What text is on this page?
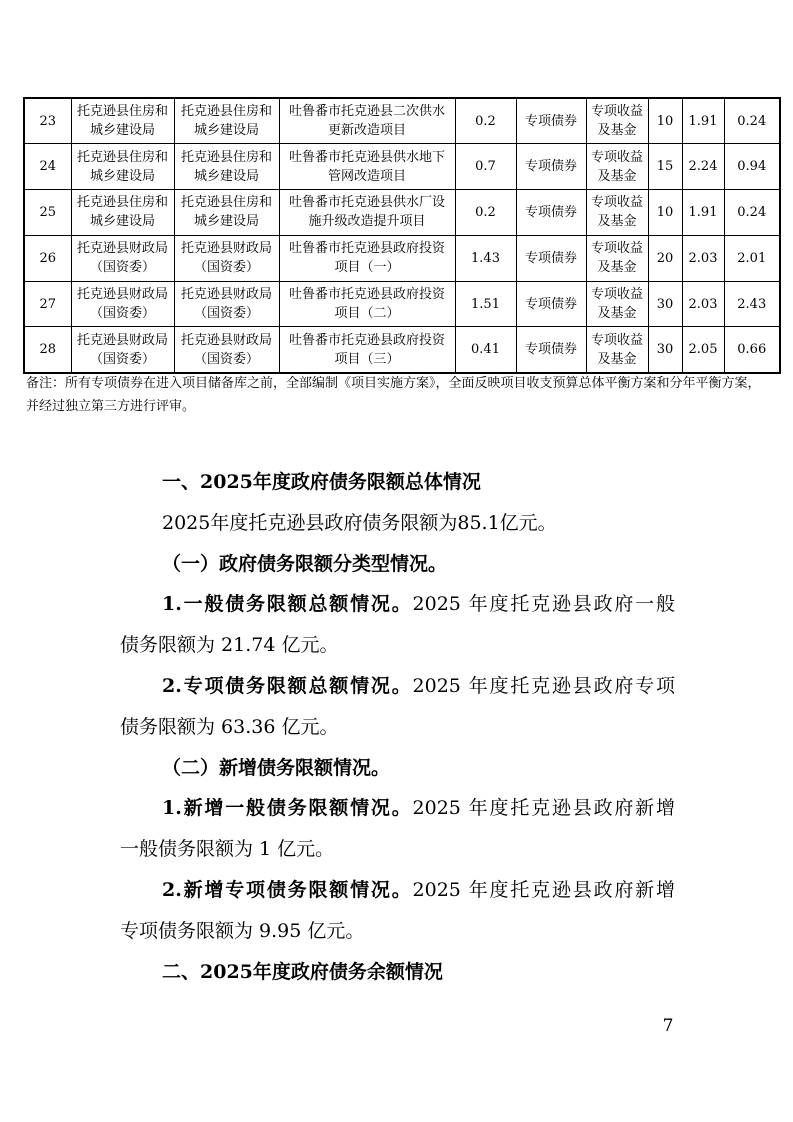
23	托克逊县住房和城乡建设局	托克逊县住房和城乡建设局	吐鲁番市托克逊县二次供水更新改造项目	0.2	专项债券	专项收益及基金	10	1.91	0.24
24	托克逊县住房和城乡建设局	托克逊县住房和城乡建设局	吐鲁番市托克逊县供水地下管网改造项目	0.7	专项债券	专项收益及基金	15	2.24	0.94
25	托克逊县住房和城乡建设局	托克逊县住房和城乡建设局	吐鲁番市托克逊县供水厂设施升级改造提升项目	0.2	专项债券	专项收益及基金	10	1.91	0.24
26	托克逊县财政局（国资委）	托克逊县财政局（国资委）	吐鲁番市托克逊县政府投资项目（一）	1.43	专项债券	专项收益及基金	20	2.03	2.01
27	托克逊县财政局（国资委）	托克逊县财政局（国资委）	吐鲁番市托克逊县政府投资项目（二）	1.51	专项债券	专项收益及基金	30	2.03	2.43
28	托克逊县财政局（国资委）	托克逊县财政局（国资委）	吐鲁番市托克逊县政府投资项目（三）	0.41	专项债券	专项收益及基金	30	2.05	0.66
备注：所有专项债券在进入项目储备库之前，全部编制《项目实施方案》，全面反映项目收支预算总体平衡方案和分年平衡方案，并经过独立第三方进行评审。
一、2025年度政府债务限额总体情况
2025年度托克逊县政府债务限额为85.1亿元。
（一）政府债务限额分类型情况。
1.一般债务限额总额情况。2025 年度托克逊县政府一般
债务限额为 21.74 亿元。
2.专项债务限额总额情况。2025 年度托克逊县政府专项
债务限额为 63.36 亿元。
（二）新增债务限额情况。
1.新增一般债务限额情况。2025 年度托克逊县政府新增
一般债务限额为 1 亿元。
2.新增专项债务限额情况。2025 年度托克逊县政府新增
专项债务限额为 9.95 亿元。
二、2025年度政府债务余额情况
7
